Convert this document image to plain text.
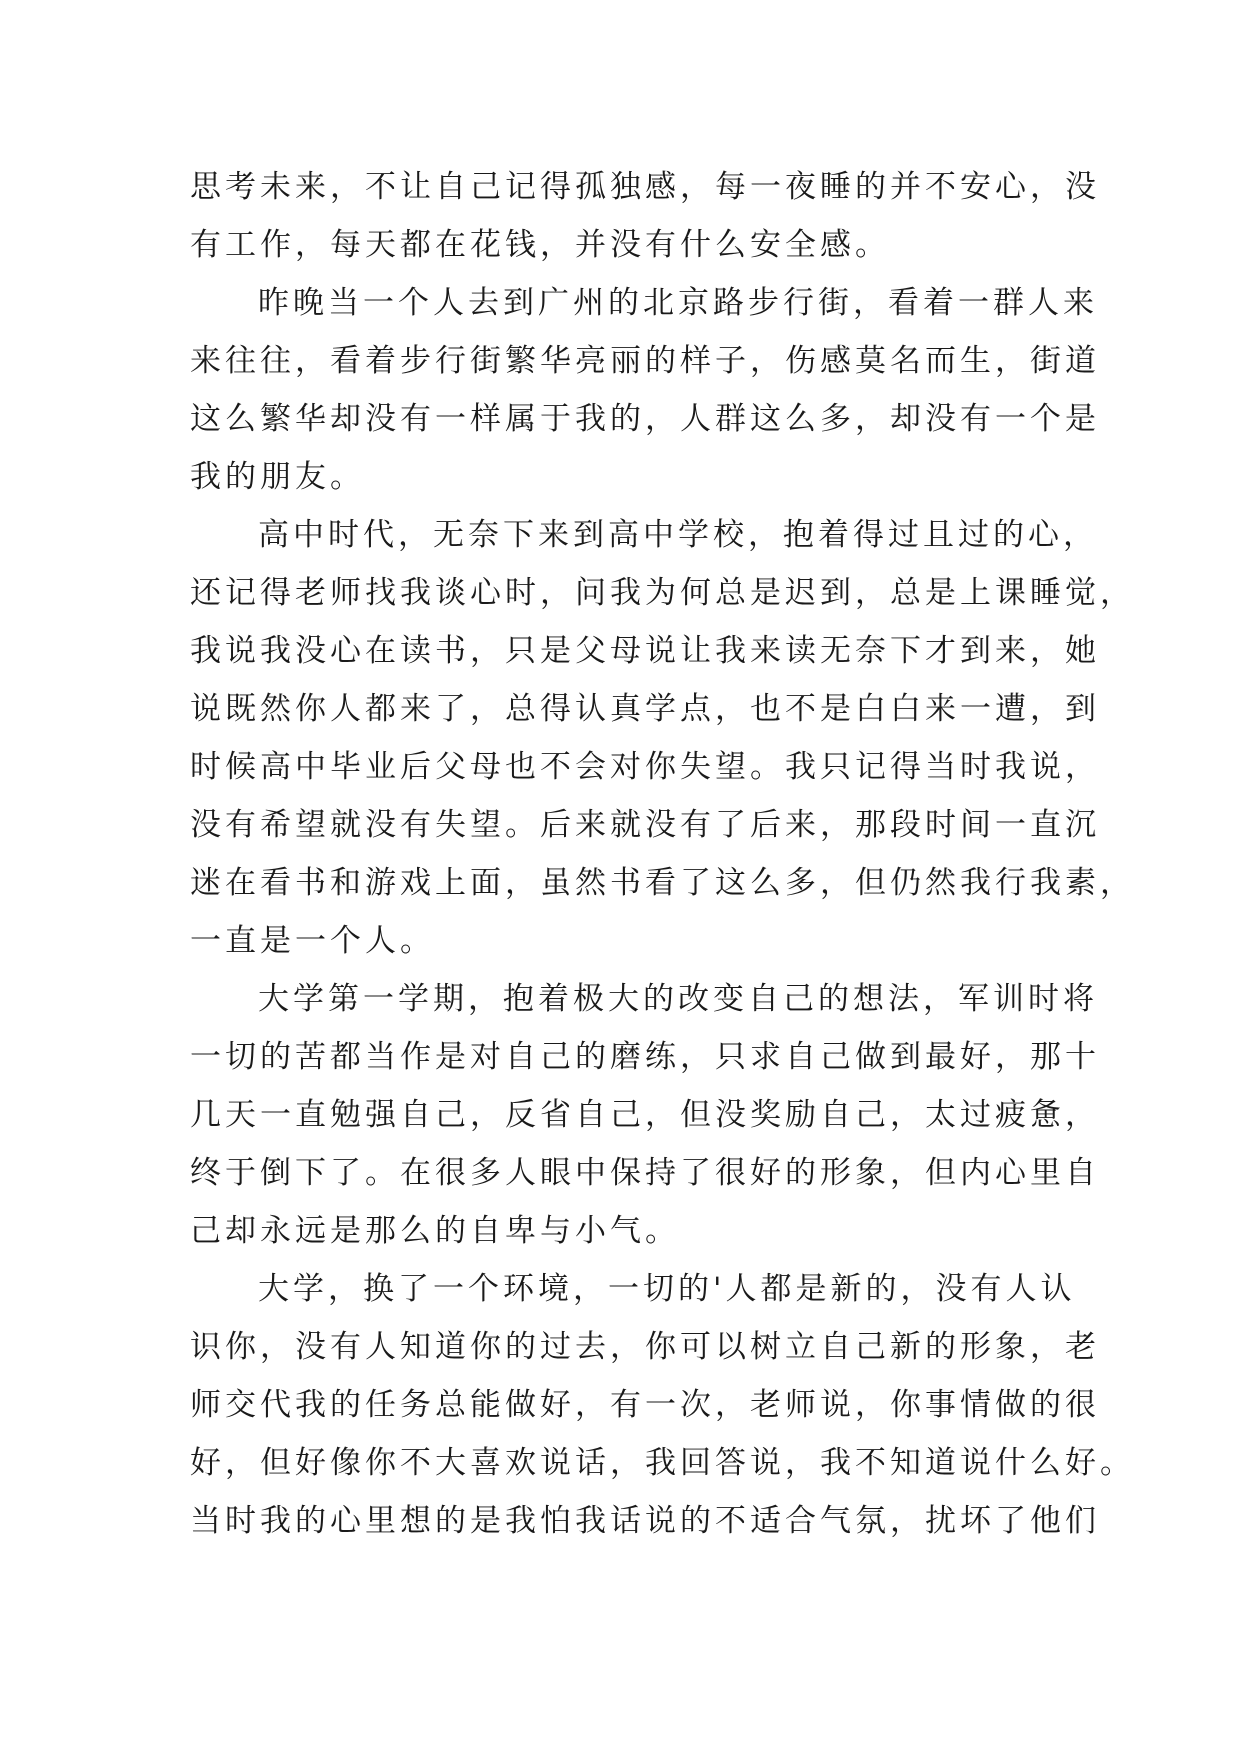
思考未来，不让自己记得孤独感，每一夜睡的并不安心，没
有工作，每天都在花钱，并没有什么安全感。
昨晚当一个人去到广州的北京路步行街，看着一群人来
来往往，看着步行街繁华亮丽的样子，伤感莫名而生，街道
这么繁华却没有一样属于我的，人群这么多，却没有一个是
我的朋友。
高中时代，无奈下来到高中学校，抱着得过且过的心，
还记得老师找我谈心时，问我为何总是迟到，总是上课睡觉，
我说我没心在读书，只是父母说让我来读无奈下才到来，她
说既然你人都来了，总得认真学点，也不是白白来一遭，到
时候高中毕业后父母也不会对你失望。我只记得当时我说，
没有希望就没有失望。后来就没有了后来，那段时间一直沉
迷在看书和游戏上面，虽然书看了这么多，但仍然我行我素，
一直是一个人。
大学第一学期，抱着极大的改变自己的想法，军训时将
一切的苦都当作是对自己的磨练，只求自己做到最好，那十
几天一直勉强自己，反省自己，但没奖励自己，太过疲惫，
终于倒下了。在很多人眼中保持了很好的形象，但内心里自
己却永远是那么的自卑与小气。
大学，换了一个环境，一切的'人都是新的，没有人认
识你，没有人知道你的过去，你可以树立自己新的形象，老
师交代我的任务总能做好，有一次，老师说，你事情做的很
好，但好像你不大喜欢说话，我回答说，我不知道说什么好。
当时我的心里想的是我怕我话说的不适合气氛，扰坏了他们
